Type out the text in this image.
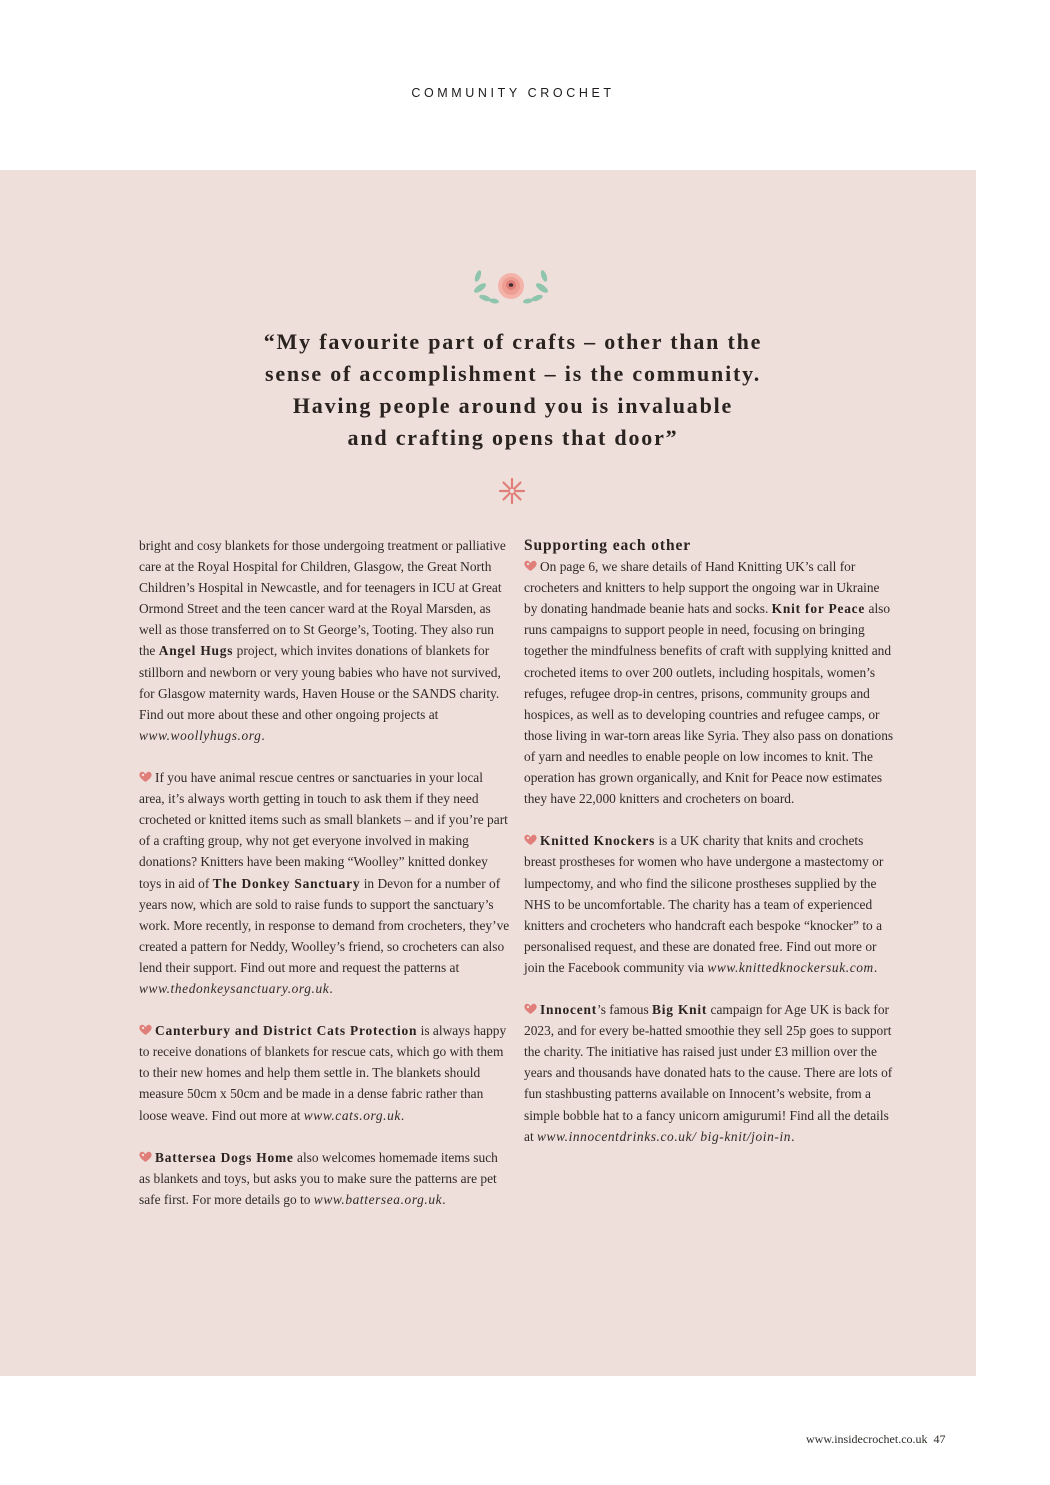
COMMUNITY CROCHET
“My favourite part of crafts – other than the
sense of accomplishment – is the community.
Having people around you is invaluable
and crafting opens that door”

bright and cosy blankets for those undergoing treatment or palliative care at the Royal Hospital for Children, Glasgow, the Great North Children’s Hospital in Newcastle, and for teenagers in ICU at Great Ormond Street and the teen cancer ward at the Royal Marsden, as well as those transferred on to St George’s, Tooting. They also run the Angel Hugs project, which invites donations of blankets for stillborn and newborn or very young babies who have not survived, for Glasgow maternity wards, Haven House or the SANDS charity. Find out more about these and other ongoing projects at www.woollyhugs.org.

If you have animal rescue centres or sanctuaries in your local area, it’s always worth getting in touch to ask them if they need crocheted or knitted items such as small blankets – and if you’re part of a crafting group, why not get everyone involved in making donations? Knitters have been making “Woolley” knitted donkey toys in aid of The Donkey Sanctuary in Devon for a number of years now, which are sold to raise funds to support the sanctuary’s work. More recently, in response to demand from crocheters, they’ve created a pattern for Neddy, Woolley’s friend, so crocheters can also lend their support. Find out more and request the patterns at www.thedonkeysanctuary.org.uk.

Canterbury and District Cats Protection is always happy to receive donations of blankets for rescue cats, which go with them to their new homes and help them settle in. The blankets should measure 50cm x 50cm and be made in a dense fabric rather than loose weave. Find out more at www.cats.org.uk.

Battersea Dogs Home also welcomes homemade items such as blankets and toys, but asks you to make sure the patterns are pet safe first. For more details go to www.battersea.org.uk.

Supporting each other

On page 6, we share details of Hand Knitting UK’s call for crocheters and knitters to help support the ongoing war in Ukraine by donating handmade beanie hats and socks. Knit for Peace also runs campaigns to support people in need, focusing on bringing together the mindfulness benefits of craft with supplying knitted and crocheted items to over 200 outlets, including hospitals, women’s refuges, refugee drop-in centres, prisons, community groups and hospices, as well as to developing countries and refugee camps, or those living in war-torn areas like Syria. They also pass on donations of yarn and needles to enable people on low incomes to knit. The operation has grown organically, and Knit for Peace now estimates they have 22,000 knitters and crocheters on board.

Knitted Knockers is a UK charity that knits and crochets breast prostheses for women who have undergone a mastectomy or lumpectomy, and who find the silicone prostheses supplied by the NHS to be uncomfortable. The charity has a team of experienced knitters and crocheters who handcraft each bespoke “knocker” to a personalised request, and these are donated free. Find out more or join the Facebook community via www.knittedknockersuk.com.

Innocent’s famous Big Knit campaign for Age UK is back for 2023, and for every be-hatted smoothie they sell 25p goes to support the charity. The initiative has raised just under £3 million over the years and thousands have donated hats to the cause. There are lots of fun stashbusting patterns available on Innocent’s website, from a simple bobble hat to a fancy unicorn amigurumi! Find all the details at www.innocentdrinks.co.uk/ big-knit/join-in.

www.insidecrochet.co.uk 47
